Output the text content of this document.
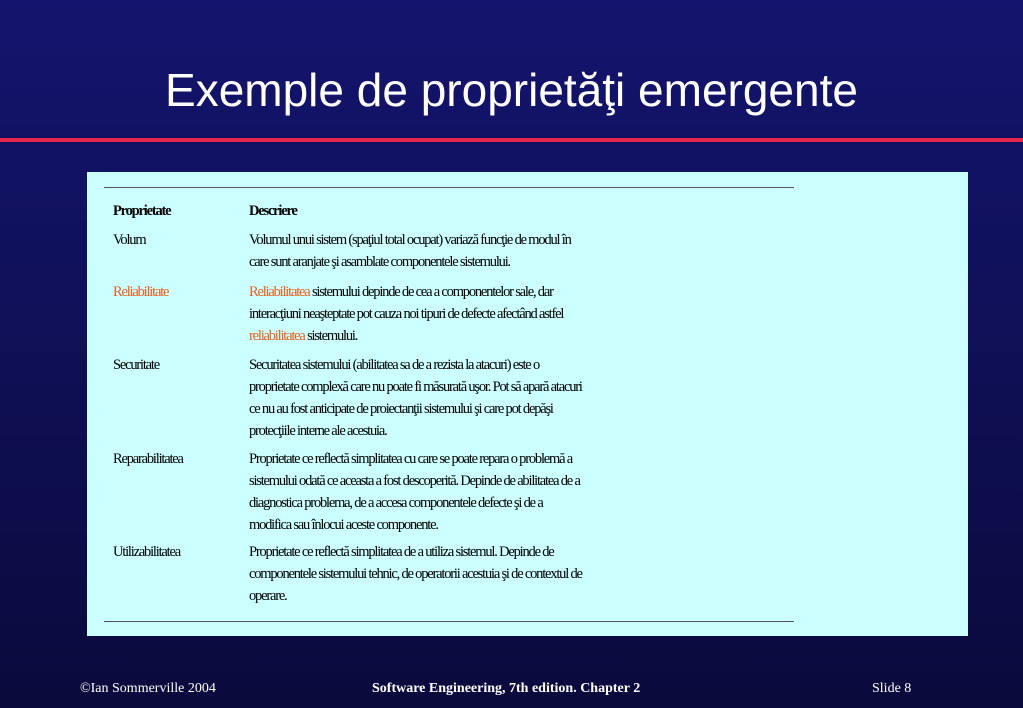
Exemple de proprietăţi emergente
Proprietate	Descriere
Volum	Volumul unui sistem (spaţiul total ocupat) variază funcţie de modul în
care sunt aranjate şi asamblate componentele sistemului.
Reliabilitate	Reliabilitatea sistemului depinde de cea a componentelor sale, dar
interacţiuni neaşteptate pot cauza noi tipuri de defecte afectând astfel
reliabilitatea sistemului.
Securitate	Securitatea sistemului (abilitatea sa de a rezista la atacuri) este o
proprietate complexă care nu poate fi măsurată uşor. Pot să apară atacuri
ce nu au fost anticipate de proiectanţii sistemului şi care pot depăşi
protecţiile interne ale acestuia.
Reparabilitatea	Proprietate ce reflectă simplitatea cu care se poate repara o problemă a
sistemului odată ce aceasta a fost descoperită. Depinde de abilitatea de a
diagnostica problema, de a accesa componentele defecte şi de a
modifica sau înlocui aceste componente.
Utilizabilitatea	Proprietate ce reflectă simplitatea de a utiliza sistemul. Depinde de
componentele sistemului tehnic, de operatorii acestuia şi de contextul de
operare.
©Ian Sommerville 2004	Software Engineering, 7th edition. Chapter 2	Slide 8
